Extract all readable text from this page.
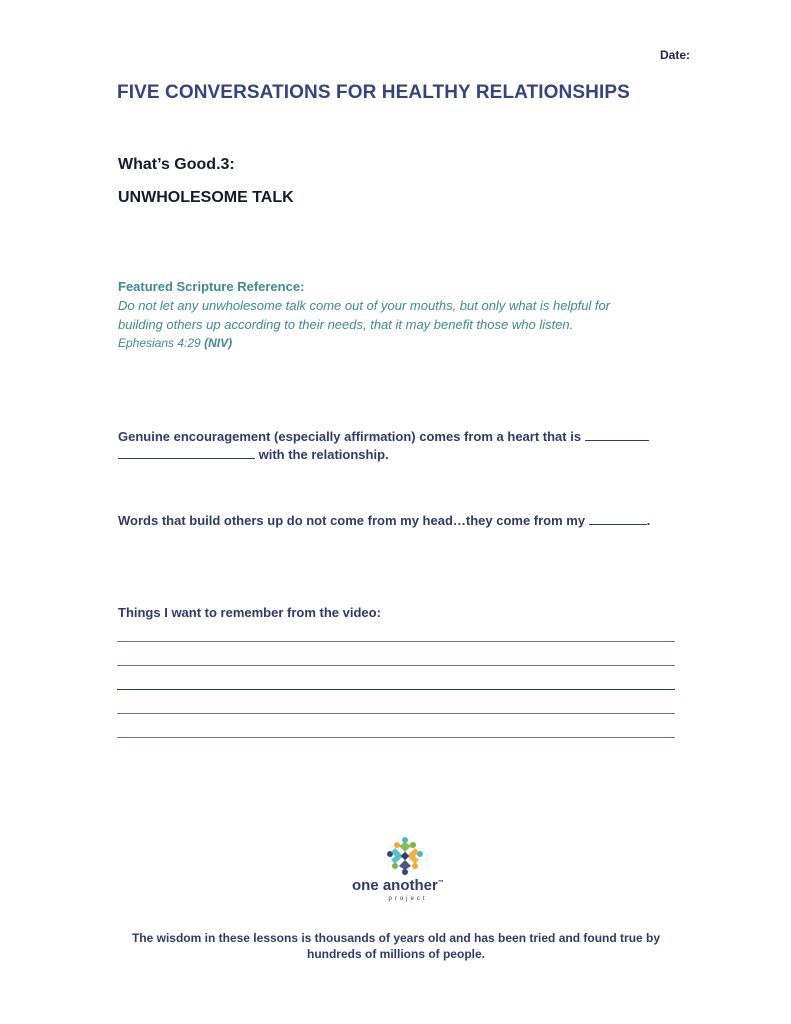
Date:
FIVE CONVERSATIONS FOR HEALTHY RELATIONSHIPS
What’s Good.3:
UNWHOLESOME TALK
Featured Scripture Reference:
Do not let any unwholesome talk come out of your mouths, but only what is helpful for
building others up according to their needs, that it may benefit those who listen.
Ephesians 4:29 (NIV)
Genuine encouragement (especially affirmation) comes from a heart that is
with the relationship.
Words that build others up do not come from my head…they come from my	.
Things I want to remember from the video:
one another™
project
The wisdom in these lessons is thousands of years old and has been tried and found true by
hundreds of millions of people.
